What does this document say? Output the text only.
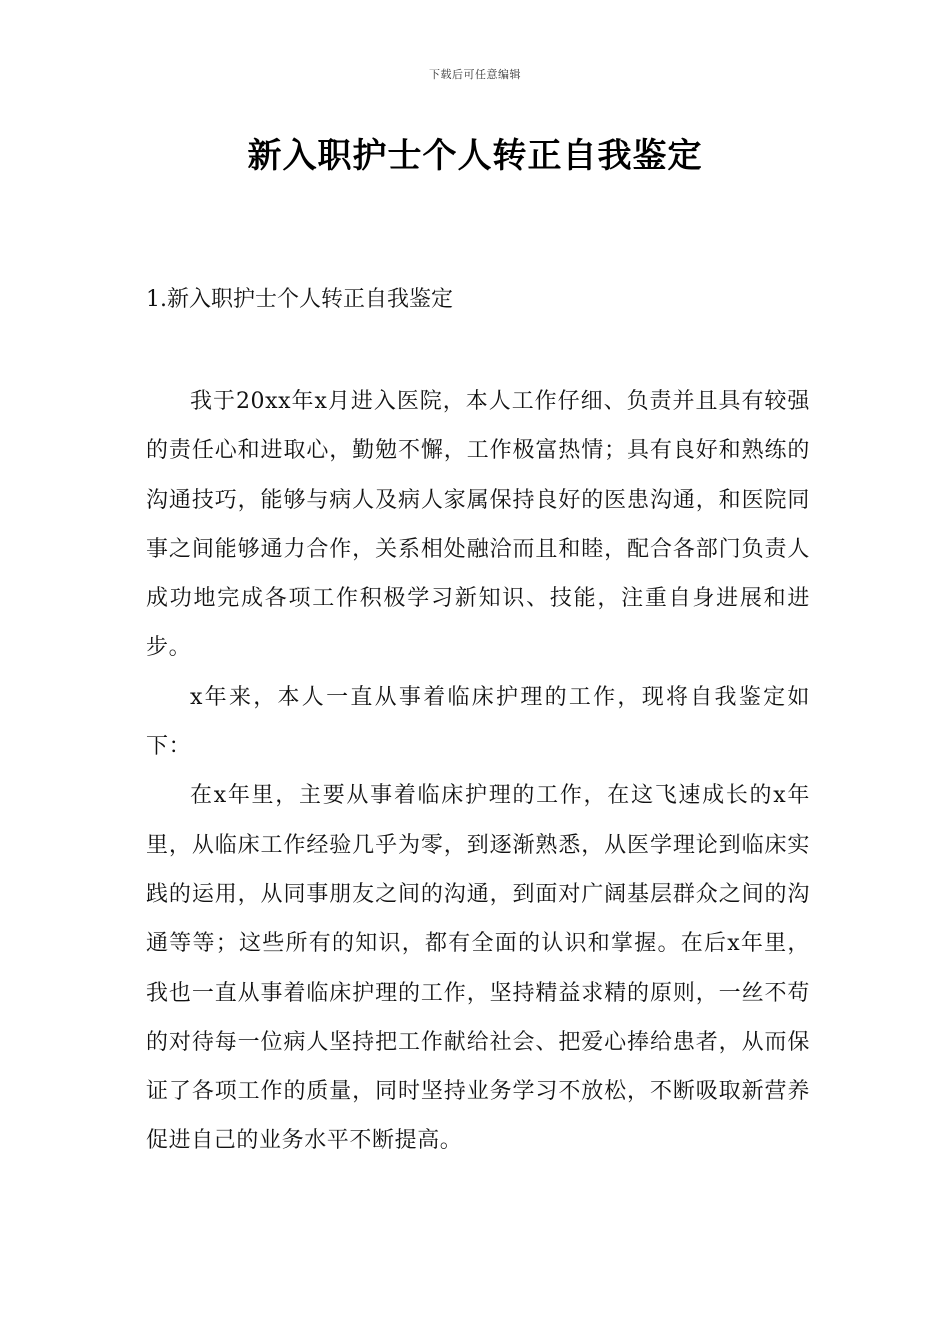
下载后可任意编辑
新入职护士个人转正自我鉴定
1.新入职护士个人转正自我鉴定

我于20xx年x月进入医院，本人工作仔细、负责并且具有较强的责任心和进取心，勤勉不懈，工作极富热情；具有良好和熟练的沟通技巧，能够与病人及病人家属保持良好的医患沟通，和医院同事之间能够通力合作，关系相处融洽而且和睦，配合各部门负责人成功地完成各项工作积极学习新知识、技能，注重自身进展和进步。

x年来，本人一直从事着临床护理的工作，现将自我鉴定如下：

在x年里，主要从事着临床护理的工作，在这飞速成长的x年里，从临床工作经验几乎为零，到逐渐熟悉，从医学理论到临床实践的运用，从同事朋友之间的沟通，到面对广阔基层群众之间的沟通等等；这些所有的知识，都有全面的认识和掌握。在后x年里，我也一直从事着临床护理的工作，坚持精益求精的原则，一丝不苟的对待每一位病人坚持把工作献给社会、把爱心捧给患者，从而保证了各项工作的质量，同时坚持业务学习不放松，不断吸取新营养促进自己的业务水平不断提高。
